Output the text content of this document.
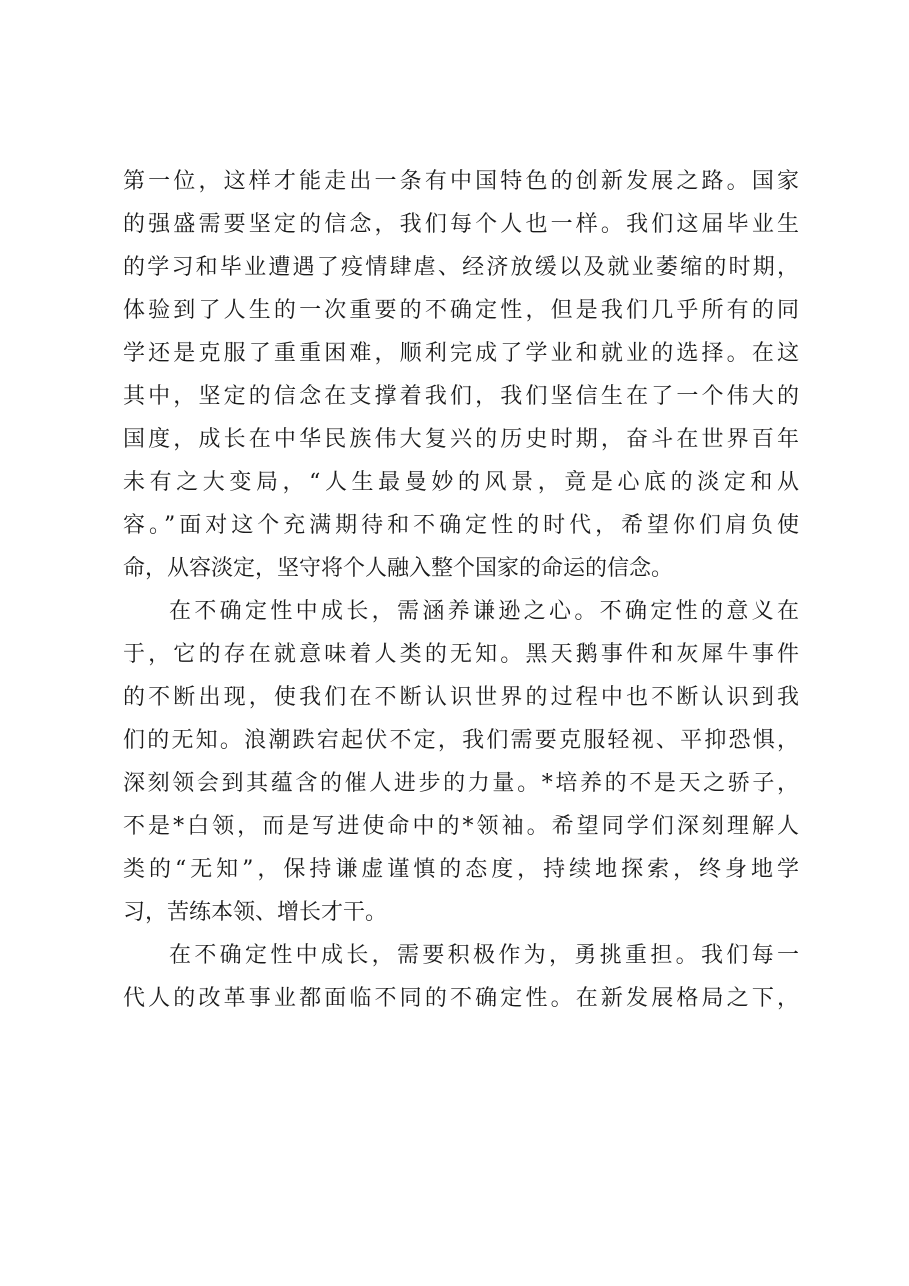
第一位，这样才能走出一条有中国特色的创新发展之路。国家
的强盛需要坚定的信念，我们每个人也一样。我们这届毕业生
的学习和毕业遭遇了疫情肆虐、经济放缓以及就业萎缩的时期，
体验到了人生的一次重要的不确定性，但是我们几乎所有的同
学还是克服了重重困难，顺利完成了学业和就业的选择。在这
其中，坚定的信念在支撑着我们，我们坚信生在了一个伟大的
国度，成长在中华民族伟大复兴的历史时期，奋斗在世界百年
未有之大变局，“人生最曼妙的风景，竟是心底的淡定和从
容。”面对这个充满期待和不确定性的时代，希望你们肩负使
命，从容淡定，坚守将个人融入整个国家的命运的信念。
在不确定性中成长，需涵养谦逊之心。不确定性的意义在
于，它的存在就意味着人类的无知。黑天鹅事件和灰犀牛事件
的不断出现，使我们在不断认识世界的过程中也不断认识到我
们的无知。浪潮跌宕起伏不定，我们需要克服轻视、平抑恐惧，
深刻领会到其蕴含的催人进步的力量。*培养的不是天之骄子，
不是*白领，而是写进使命中的*领袖。希望同学们深刻理解人
类的“无知”，保持谦虚谨慎的态度，持续地探索，终身地学
习，苦练本领、增长才干。
在不确定性中成长，需要积极作为，勇挑重担。我们每一
代人的改革事业都面临不同的不确定性。在新发展格局之下，
